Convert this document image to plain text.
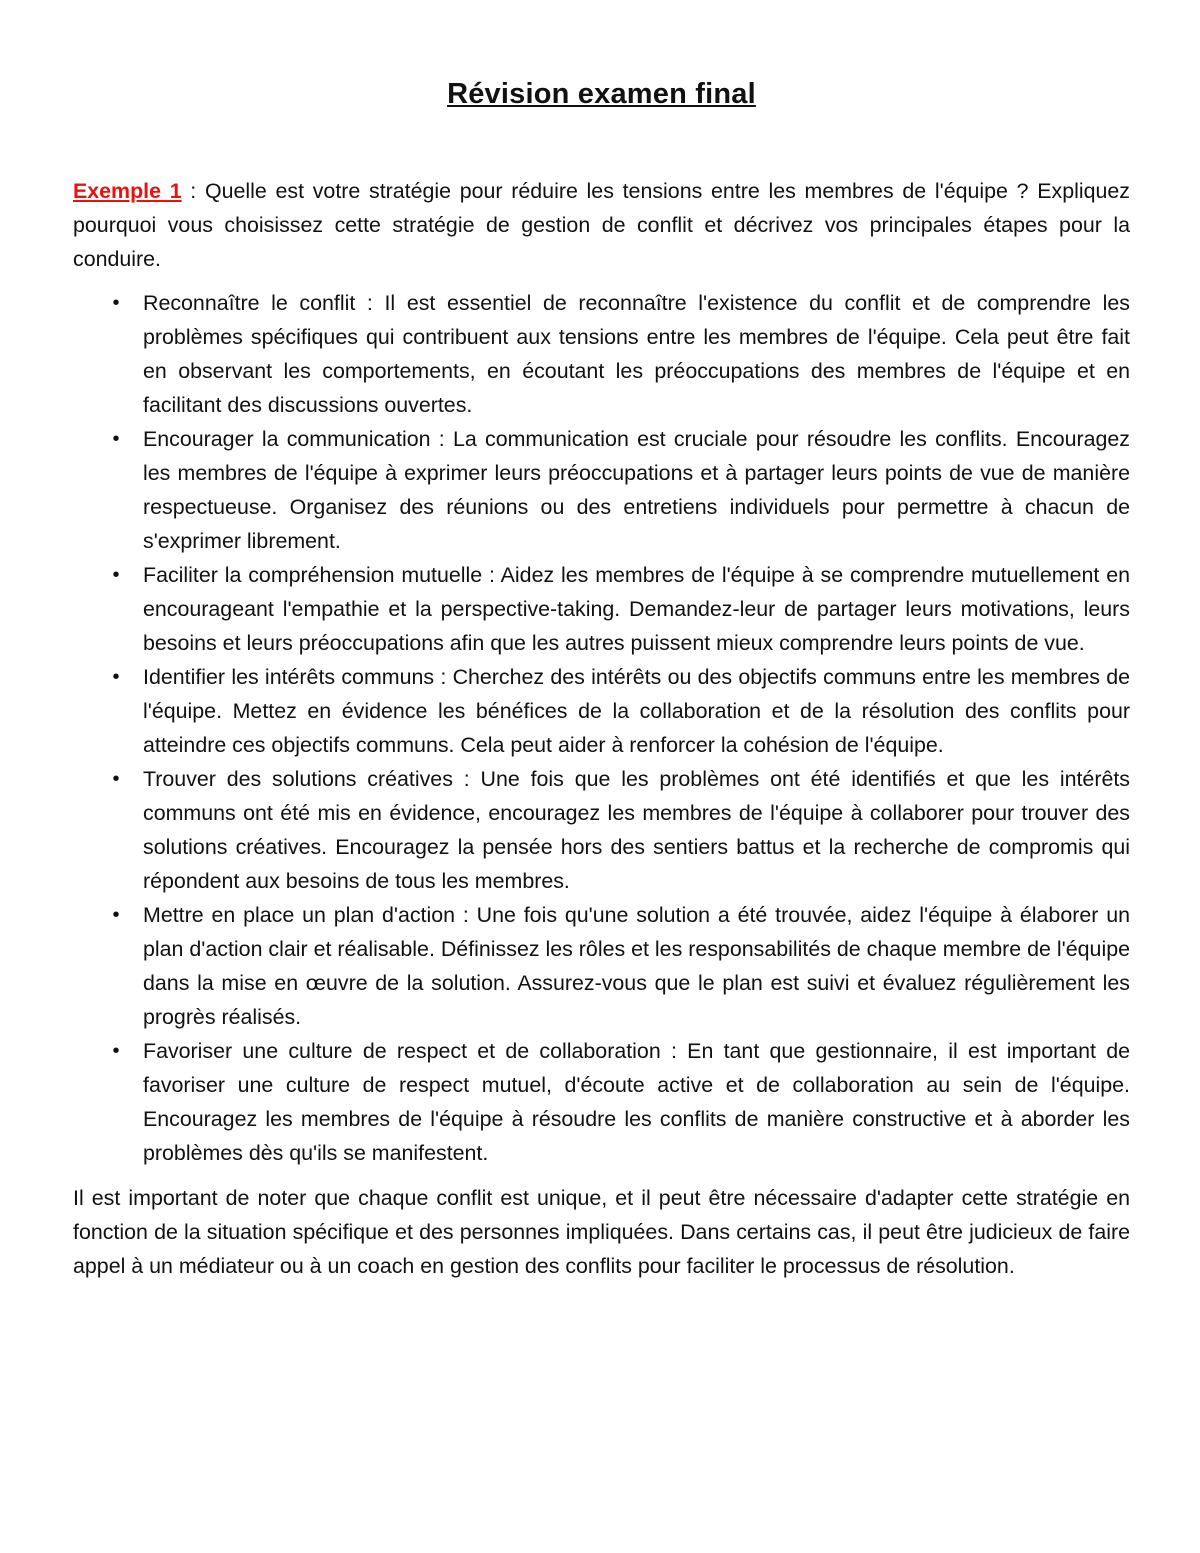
Révision examen final

Exemple 1 : Quelle est votre stratégie pour réduire les tensions entre les membres de l'équipe ? Expliquez pourquoi vous choisissez cette stratégie de gestion de conflit et décrivez vos principales étapes pour la conduire.

•	Reconnaître le conflit : Il est essentiel de reconnaître l'existence du conflit et de comprendre les problèmes spécifiques qui contribuent aux tensions entre les membres de l'équipe. Cela peut être fait en observant les comportements, en écoutant les préoccupations des membres de l'équipe et en facilitant des discussions ouvertes.
•	Encourager la communication : La communication est cruciale pour résoudre les conflits. Encouragez les membres de l'équipe à exprimer leurs préoccupations et à partager leurs points de vue de manière respectueuse. Organisez des réunions ou des entretiens individuels pour permettre à chacun de s'exprimer librement.
•	Faciliter la compréhension mutuelle : Aidez les membres de l'équipe à se comprendre mutuellement en encourageant l'empathie et la perspective-taking. Demandez-leur de partager leurs motivations, leurs besoins et leurs préoccupations afin que les autres puissent mieux comprendre leurs points de vue.
•	Identifier les intérêts communs : Cherchez des intérêts ou des objectifs communs entre les membres de l'équipe. Mettez en évidence les bénéfices de la collaboration et de la résolution des conflits pour atteindre ces objectifs communs. Cela peut aider à renforcer la cohésion de l'équipe.
•	Trouver des solutions créatives : Une fois que les problèmes ont été identifiés et que les intérêts communs ont été mis en évidence, encouragez les membres de l'équipe à collaborer pour trouver des solutions créatives. Encouragez la pensée hors des sentiers battus et la recherche de compromis qui répondent aux besoins de tous les membres.
•	Mettre en place un plan d'action : Une fois qu'une solution a été trouvée, aidez l'équipe à élaborer un plan d'action clair et réalisable. Définissez les rôles et les responsabilités de chaque membre de l'équipe dans la mise en œuvre de la solution. Assurez-vous que le plan est suivi et évaluez régulièrement les progrès réalisés.
•	Favoriser une culture de respect et de collaboration : En tant que gestionnaire, il est important de favoriser une culture de respect mutuel, d'écoute active et de collaboration au sein de l'équipe. Encouragez les membres de l'équipe à résoudre les conflits de manière constructive et à aborder les problèmes dès qu'ils se manifestent.

Il est important de noter que chaque conflit est unique, et il peut être nécessaire d'adapter cette stratégie en fonction de la situation spécifique et des personnes impliquées. Dans certains cas, il peut être judicieux de faire appel à un médiateur ou à un coach en gestion des conflits pour faciliter le processus de résolution.
